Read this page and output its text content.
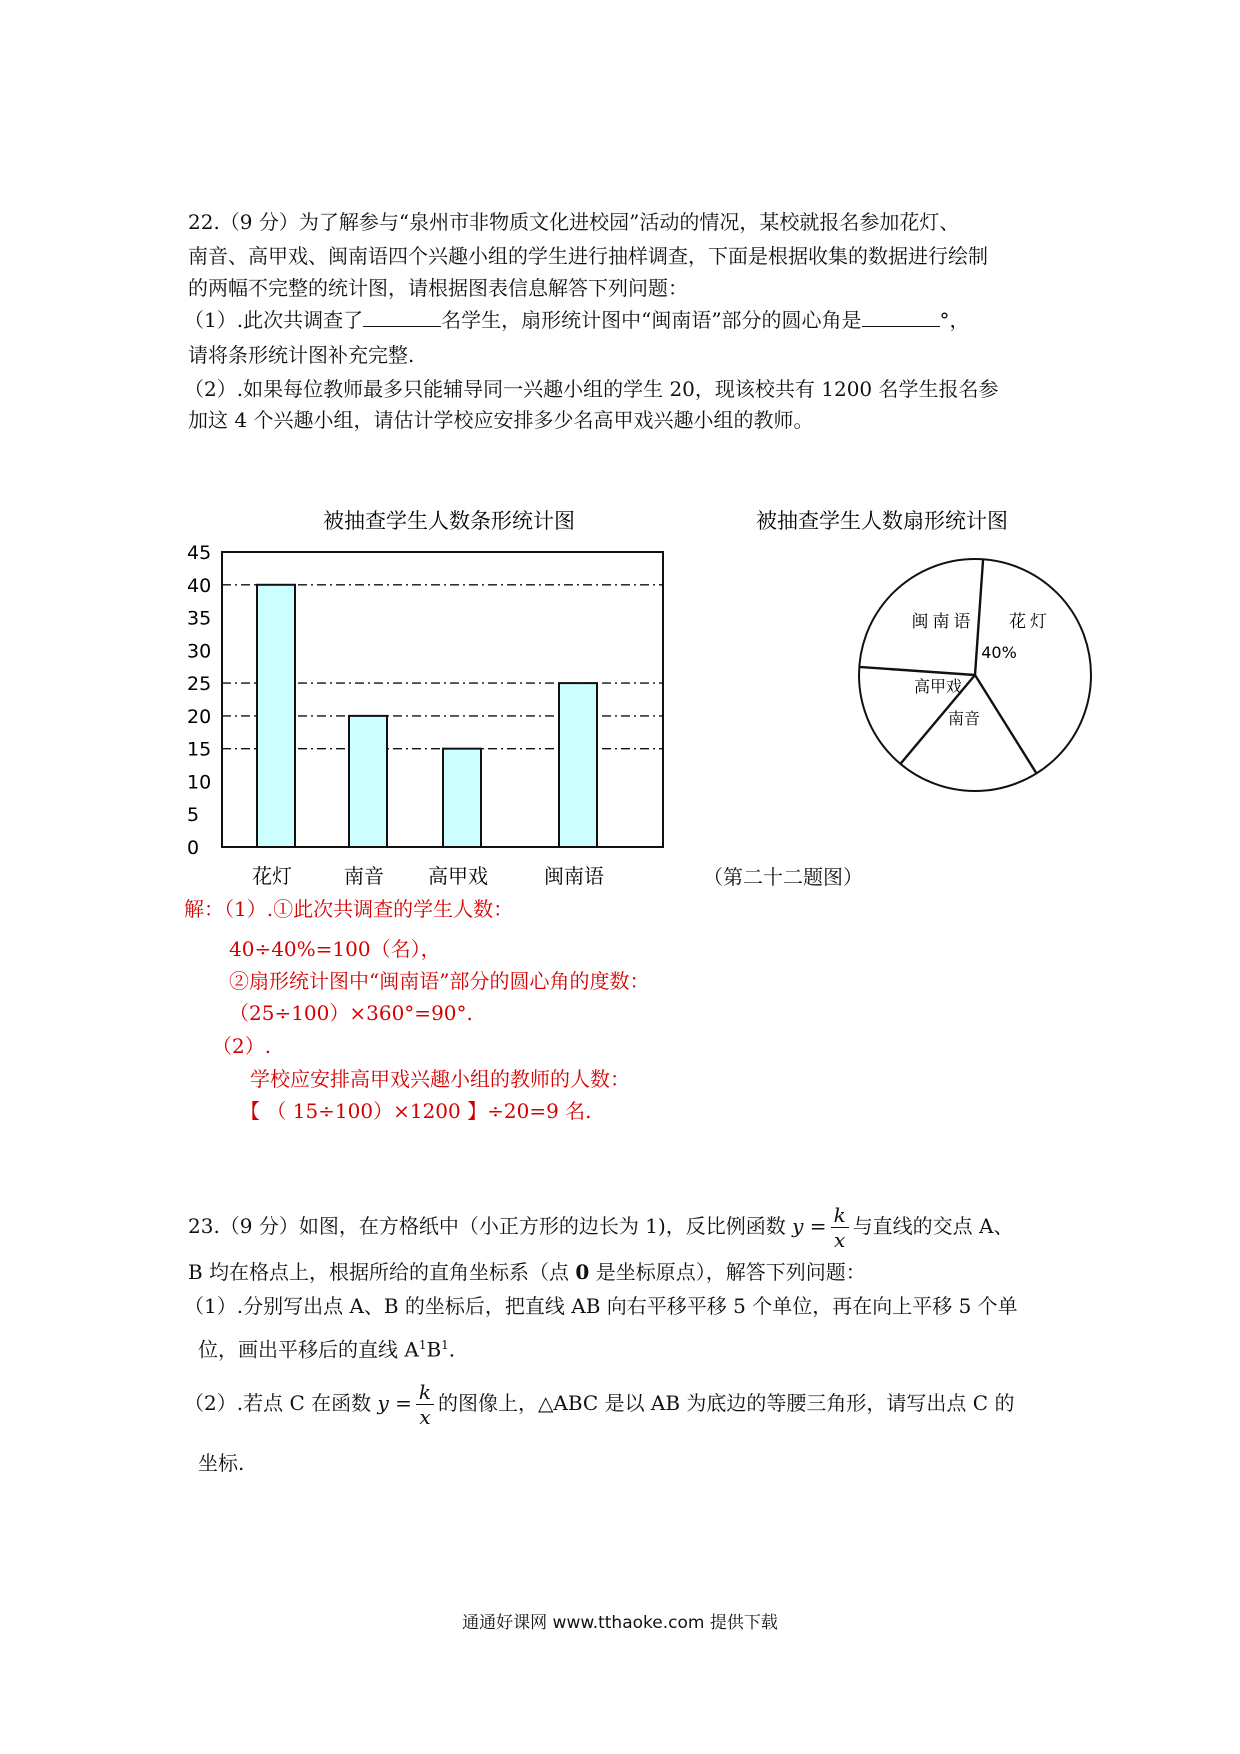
22.（9 分）为了解参与“泉州市非物质文化进校园”活动的情况，某校就报名参加花灯、
南音、高甲戏、闽南语四个兴趣小组的学生进行抽样调查，下面是根据收集的数据进行绘制
的两幅不完整的统计图，请根据图表信息解答下列问题：
（1）.此次共调查了	名学生，扇形统计图中“闽南语”部分的圆心角是	°，
请将条形统计图补充完整.
（2）.如果每位教师最多只能辅导同一兴趣小组的学生 20，现该校共有 1200 名学生报名参
加这 4 个兴趣小组，请估计学校应安排多少名高甲戏兴趣小组的教师。
被抽查学生人数条形统计图
45
40
35
30
25
20
15
10
5
0
花灯	南音 高甲戏	闽南语
被抽查学生人数扇形统计图
花灯
40%
闽南语
高甲戏
南音
（第二十二题图）
解：（1）.①此次共调查的学生人数：
40÷40%=100（名），
②扇形统计图中“闽南语”部分的圆心角的度数：
（25÷100）×360°=90°.
（2）.
学校应安排高甲戏兴趣小组的教师的人数：
【 （ 15÷100）×1200 】÷20=9 名.
23.（9 分）如图，在方格纸中（小正方形的边长为 1)，反比例函数 $y = \frac{k}{x}$ 与直线的交点 A、
B 均在格点上，根据所给的直角坐标系（点 0 是坐标原点），解答下列问题：
（1）.分别写出点 A、B 的坐标后，把直线 AB 向右平移平移 5 个单位，再在向上平移 5 个单
位，画出平移后的直线 $A^1B^1$.
（2）.若点 C 在函数 $y = \frac{k}{x}$ 的图像上，△ABC 是以 AB 为底边的等腰三角形，请写出点 C 的
坐标.
通通好课网 www.tthaoke.com 提供下载
